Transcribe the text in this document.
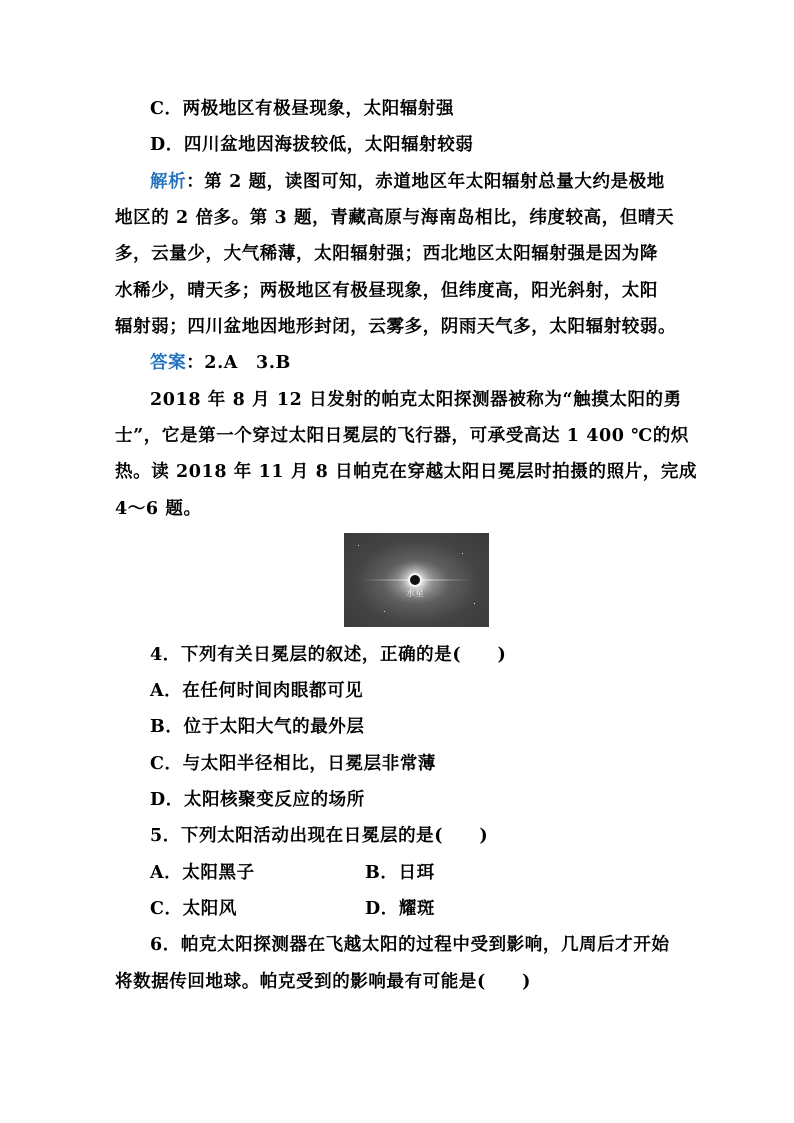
C．两极地区有极昼现象，太阳辐射强
D．四川盆地因海拔较低，太阳辐射较弱
解析：第 2 题，读图可知，赤道地区年太阳辐射总量大约是极地
地区的 2 倍多。第 3 题，青藏高原与海南岛相比，纬度较高，但晴天
多，云量少，大气稀薄，太阳辐射强；西北地区太阳辐射强是因为降
水稀少，晴天多；两极地区有极昼现象，但纬度高，阳光斜射，太阳
辐射弱；四川盆地因地形封闭，云雾多，阴雨天气多，太阳辐射较弱。
答案：2.A　3.B
2018 年 8 月 12 日发射的帕克太阳探测器被称为“触摸太阳的勇
士”，它是第一个穿过太阳日冕层的飞行器，可承受高达 1 400 ℃的炽
热。读 2018 年 11 月 8 日帕克在穿越太阳日冕层时拍摄的照片，完成
4～6 题。
水星
4．下列有关日冕层的叙述，正确的是(　　)
A．在任何时间肉眼都可见
B．位于太阳大气的最外层
C．与太阳半径相比，日冕层非常薄
D．太阳核聚变反应的场所
5．下列太阳活动出现在日冕层的是(　　)
A．太阳黑子	B．日珥
C．太阳风	D．耀斑
6．帕克太阳探测器在飞越太阳的过程中受到影响，几周后才开始
将数据传回地球。帕克受到的影响最有可能是(　　)
